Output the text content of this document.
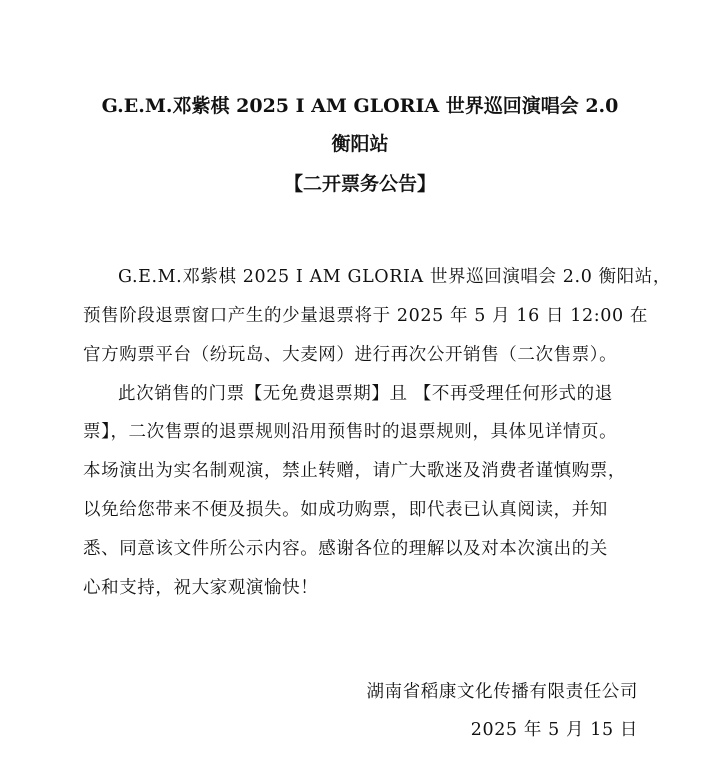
G.E.M.邓紫棋 2025 I AM GLORIA 世界巡回演唱会 2.0
衡阳站
【二开票务公告】
G.E.M.邓紫棋 2025 I AM GLORIA 世界巡回演唱会 2.0 衡阳站，
预售阶段退票窗口产生的少量退票将于 2025 年 5 月 16 日 12:00 在
官方购票平台（纷玩岛、大麦网）进行再次公开销售（二次售票）。
此次销售的门票【无免费退票期】且 【不再受理任何形式的退
票】，二次售票的退票规则沿用预售时的退票规则，具体见详情页。
本场演出为实名制观演，禁止转赠，请广大歌迷及消费者谨慎购票，
以免给您带来不便及损失。如成功购票，即代表已认真阅读，并知
悉、同意该文件所公示内容。感谢各位的理解以及对本次演出的关
心和支持，祝大家观演愉快！
湖南省稻康文化传播有限责任公司
2025 年 5 月 15 日
